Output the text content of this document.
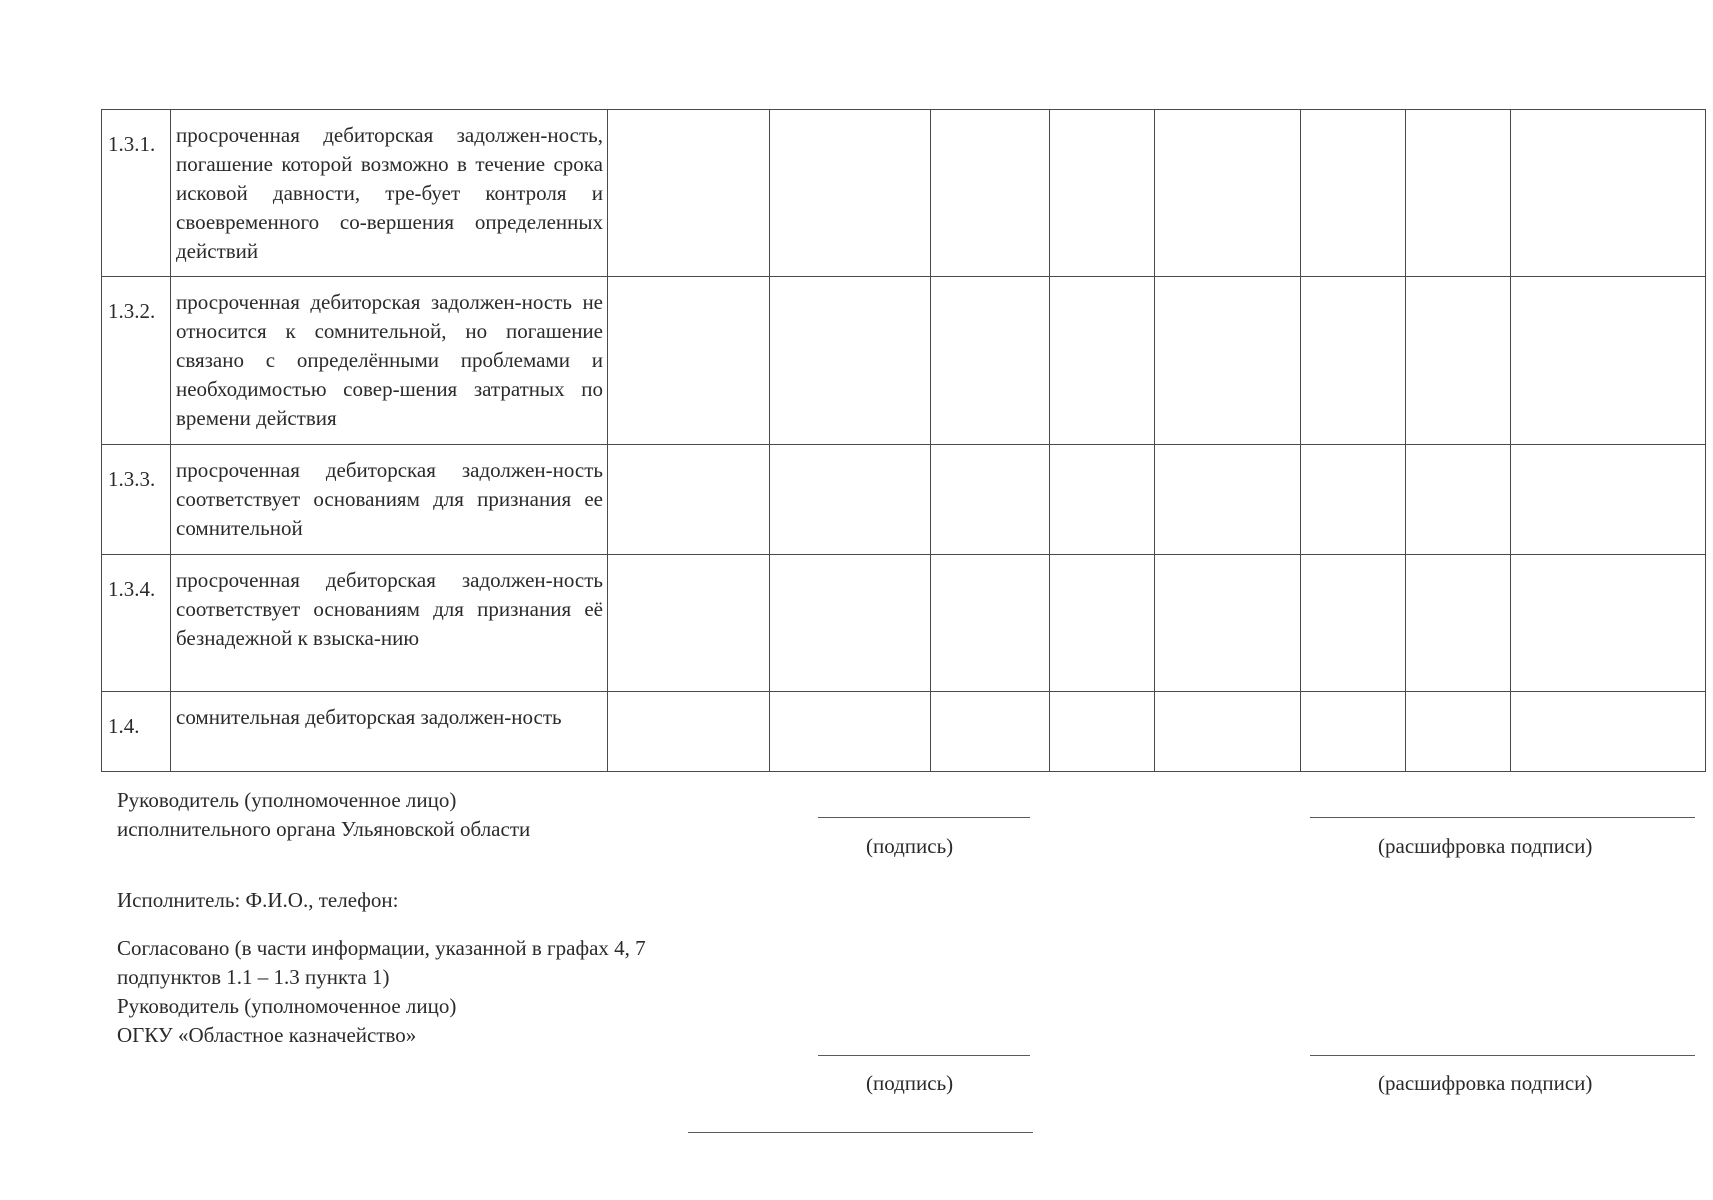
1.3.1.	просроченная дебиторская задолжен-ность, погашение которой возможно в течение срока исковой давности, тре-бует контроля и своевременного со-вершения определенных действий								
1.3.2.	просроченная дебиторская задолжен-ность не относится к сомнительной, но погашение связано с определёнными проблемами и необходимостью совер-шения затратных по времени действия								
1.3.3.	просроченная дебиторская задолжен-ность соответствует основаниям для признания ее сомнительной								
1.3.4.	просроченная дебиторская задолжен-ность соответствует основаниям для признания её безнадежной к взыска-нию								
1.4.	сомнительная дебиторская задолжен-ность								
Руководитель (уполномоченное лицо)
исполнительного органа Ульяновской области
(подпись)	(расшифровка подписи)
Исполнитель: Ф.И.О., телефон:
Согласовано (в части информации, указанной в графах 4, 7
подпунктов 1.1 – 1.3 пункта 1)
Руководитель (уполномоченное лицо)
ОГКУ «Областное казначейство»
(подпись)	(расшифровка подписи)
